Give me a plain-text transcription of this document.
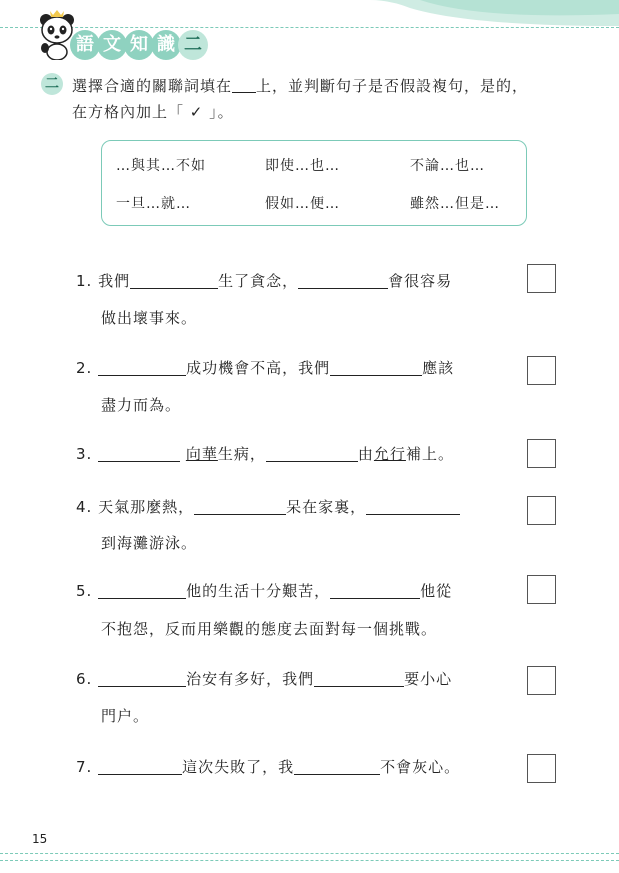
語 文 知 識 二
二 選擇合適的關聯詞填在 上，並判斷句子是否假設複句，是的，
在方格內加上「 ✓ 」。
…與其…不如	即使…也…	不論…也…
一旦…就…	假如…便…	雖然…但是…
1. 我們	生了貪念，	會很容易
做出壞事來。
2.	成功機會不高，我們	應該
盡力而為。
3.	向華生病，	由允行補上。
4. 天氣那麼熱，	呆在家裏，
到海灘游泳。
5.	他的生活十分艱苦，	他從
不抱怨，反而用樂觀的態度去面對每一個挑戰。
6.	治安有多好，我們	要小心
門户。
7.	這次失敗了，我	不會灰心。
15
